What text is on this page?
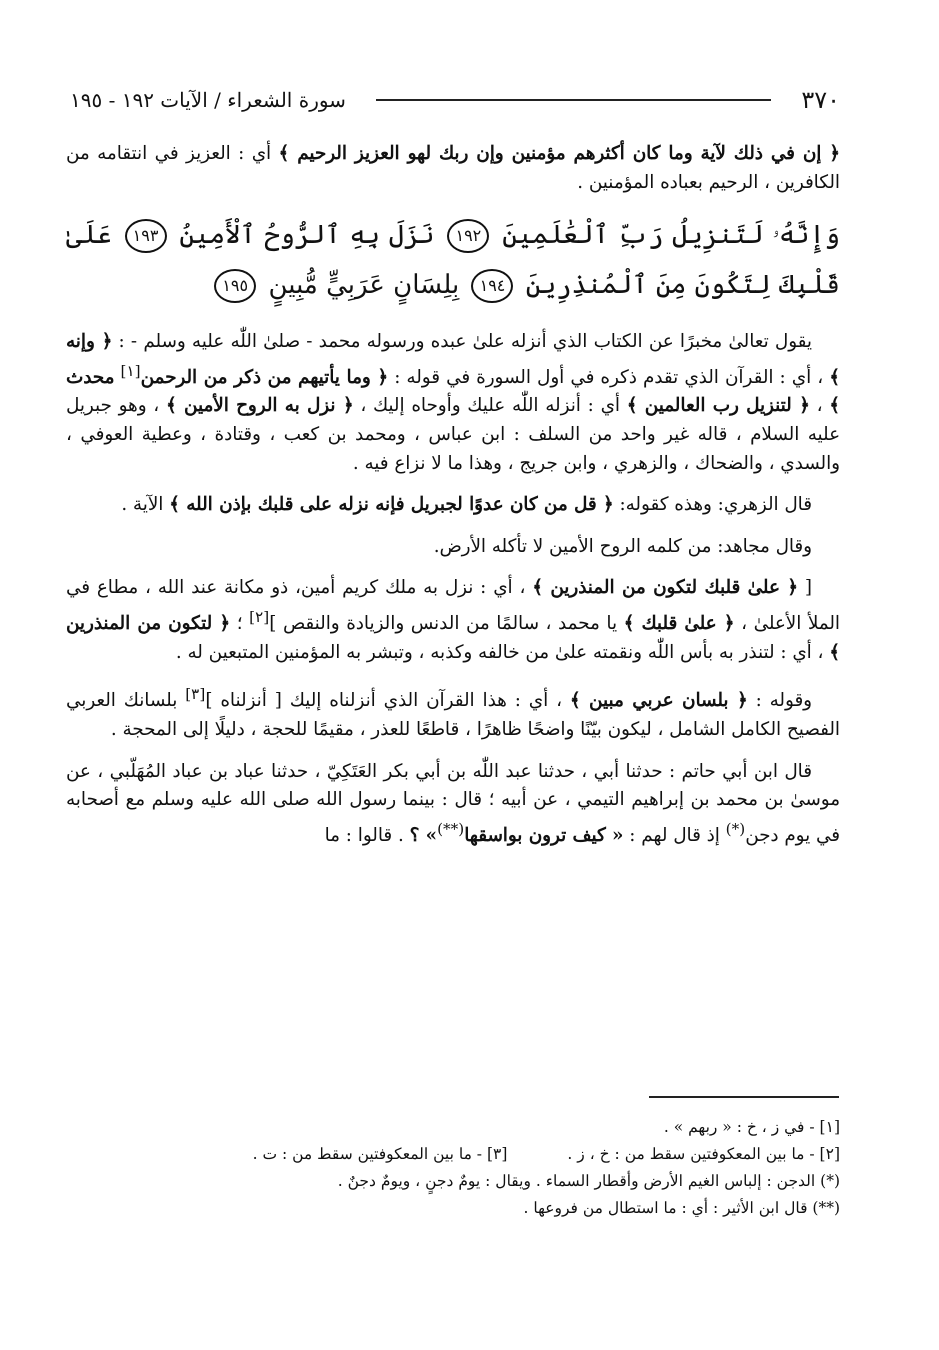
٣٧٠
سورة الشعراء / الآيات ١٩٢ - ١٩٥

﴿ إن في ذلك لآية وما كان أكثرهم مؤمنين وإن ربك لهو العزيز الرحيم ﴾ أي : العزيز في انتقامه من الكافرين ، الرحيم بعباده المؤمنين .

وَإِنَّهُۥ لَتَنزِيلُ رَبِّ ٱلْعَٰلَمِينَ ١٩٢ نَزَلَ بِهِ ٱلرُّوحُ ٱلْأَمِينُ ١٩٣ عَلَىٰ قَلْبِكَ لِتَكُونَ مِنَ ٱلْمُنذِرِينَ ١٩٤ بِلِسَانٍ عَرَبِيٍّ مُّبِينٍ ١٩٥

يقول تعالىٰ مخبرًا عن الكتاب الذي أنزله علىٰ عبده ورسوله محمد - صلىٰ اللّٰه عليه وسلم - : ﴿ وإنه ﴾ ، أي : القرآن الذي تقدم ذكره في أول السورة في قوله : ﴿ وما يأتيهم من ذكر من الرحمن[١] محدث ﴾ ، ﴿ لتنزيل رب العالمين ﴾ أي : أنزله اللّٰه عليك وأوحاه إليك ، ﴿ نزل به الروح الأمين ﴾ ، وهو جبريل عليه السلام ، قاله غير واحد من السلف : ابن عباس ، ومحمد بن كعب ، وقتادة ، وعطية العوفي ، والسدي ، والضحاك ، والزهري ، وابن جريج ، وهذا ما لا نزاع فيه .

قال الزهري: وهذه كقوله: ﴿ قل من كان عدوًا لجبريل فإنه نزله على قلبك بإذن الله ﴾ الآية .

وقال مجاهد: من كلمه الروح الأمين لا تأكله الأرض.

[ ﴿ علىٰ قلبك لتكون من المنذرين ﴾ ، أي : نزل به ملك كريم أمين، ذو مكانة عند الله ، مطاع في الملأ الأعلىٰ ، ﴿ علىٰ قلبك ﴾ يا محمد ، سالمًا من الدنس والزيادة والنقص ][٢] ؛ ﴿ لتكون من المنذرين ﴾ ، أي : لتنذر به بأس اللّٰه ونقمته علىٰ من خالفه وكذبه ، وتبشر به المؤمنين المتبعين له .

وقوله : ﴿ بلسان عربي مبين ﴾ ، أي : هذا القرآن الذي أنزلناه إليك [ أنزلناه ][٣] بلسانك العربي الفصيح الكامل الشامل ، ليكون بيّنًا واضحًا ظاهرًا ، قاطعًا للعذر ، مقيمًا للحجة ، دليلًا إلى المحجة .

قال ابن أبي حاتم : حدثنا أبي ، حدثنا عبد اللّٰه بن أبي بكر العَتَكِيّ ، حدثنا عباد بن عباد المُهَلّبي ، عن موسىٰ بن محمد بن إبراهيم التيمي ، عن أبيه ؛ قال : بينما رسول الله صلى الله عليه وسلم مع أصحابه في يوم دجن(*) إذ قال لهم : « كيف ترون بواسقها(**)» ؟ . قالوا : ما

[١] - في ز ، خ : « ربهم » .
[٢] - ما بين المعكوفتين سقط من : خ ، ز .
[٣] - ما بين المعكوفتين سقط من : ت .
(*) الدجن : إلباس الغيم الأرض وأقطار السماء . ويقال : يومٌ دجنٍ ، ويومٌ دجنٌ .
(**) قال ابن الأثير : أي : ما استطال من فروعها .
